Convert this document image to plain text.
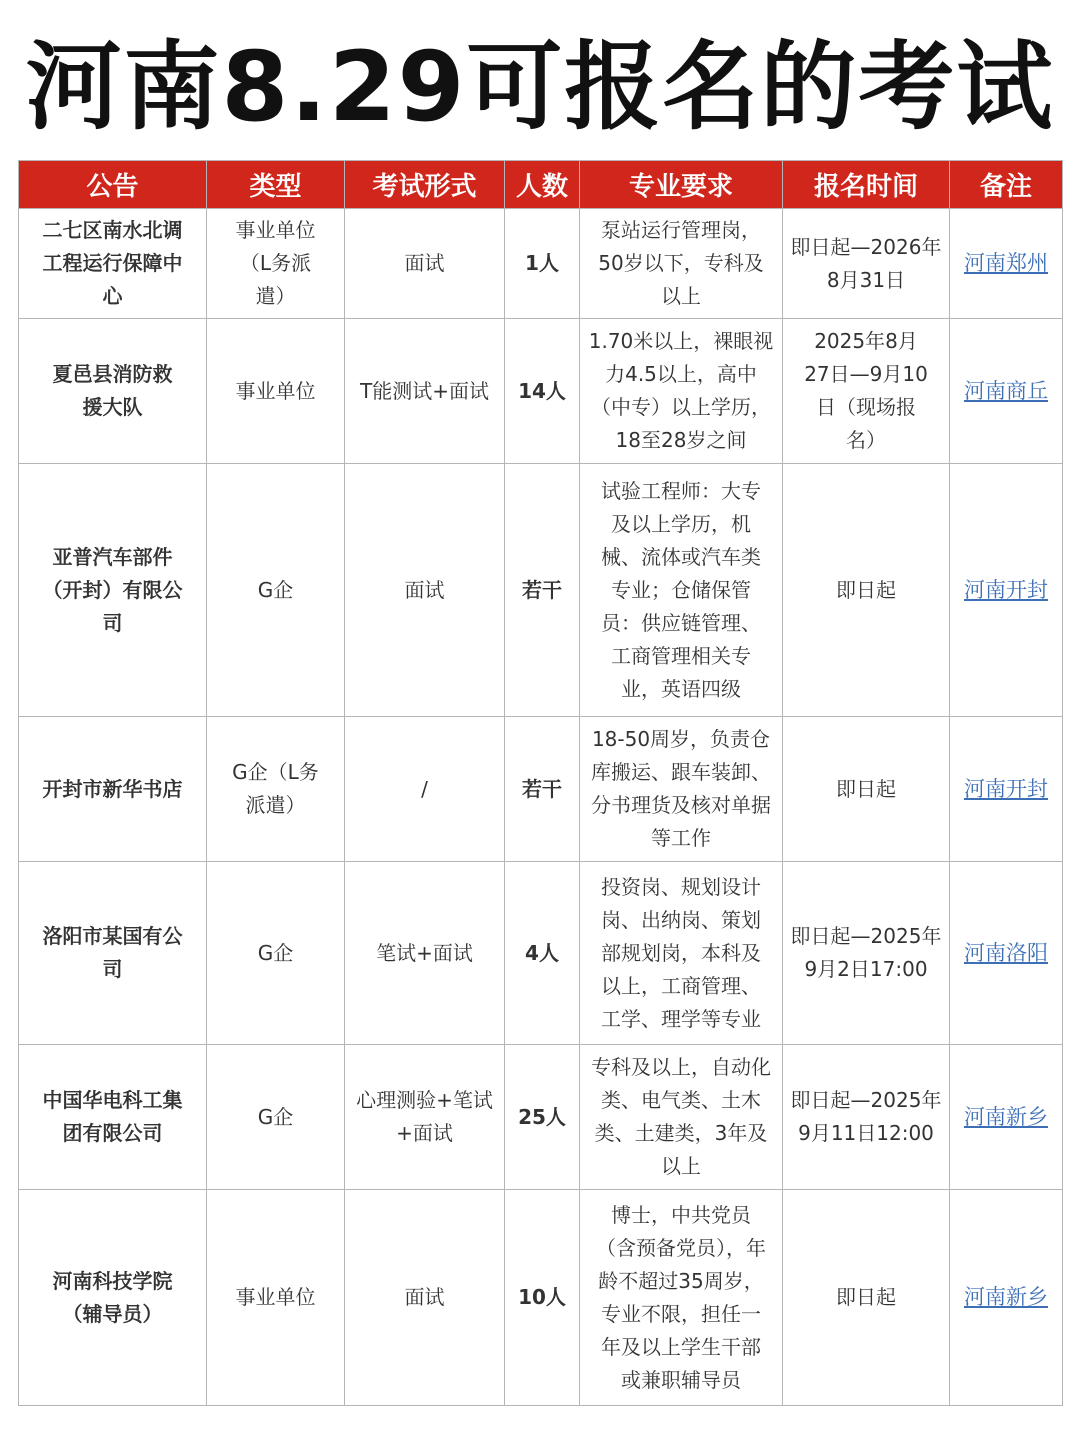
河南8.29可报名的考试
公告	类型	考试形式	人数	专业要求	报名时间	备注
二七区南水北调工程运行保障中心	事业单位（L务派遣）	面试	1人	泵站运行管理岗，50岁以下，专科及以上	即日起—2026年8月31日	河南郑州
夏邑县消防救援大队	事业单位	T能测试+面试	14人	1.70米以上，裸眼视力4.5以上，高中（中专）以上学历，18至28岁之间	2025年8月27日—9月10日（现场报名）	河南商丘
亚普汽车部件（开封）有限公司	G企	面试	若干	试验工程师：大专及以上学历，机械、流体或汽车类专业；仓储保管员：供应链管理、工商管理相关专业，英语四级	即日起	河南开封
开封市新华书店	G企（L务派遣）	/	若干	18-50周岁，负责仓库搬运、跟车装卸、分书理货及核对单据等工作	即日起	河南开封
洛阳市某国有公司	G企	笔试+面试	4人	投资岗、规划设计岗、出纳岗、策划部规划岗，本科及以上，工商管理、工学、理学等专业	即日起—2025年9月2日17:00	河南洛阳
中国华电科工集团有限公司	G企	心理测验+笔试+面试	25人	专科及以上，自动化类、电气类、土木类、土建类，3年及以上	即日起—2025年9月11日12:00	河南新乡
河南科技学院（辅导员）	事业单位	面试	10人	博士，中共党员（含预备党员），年龄不超过35周岁，专业不限，担任一年及以上学生干部或兼职辅导员	即日起	河南新乡
